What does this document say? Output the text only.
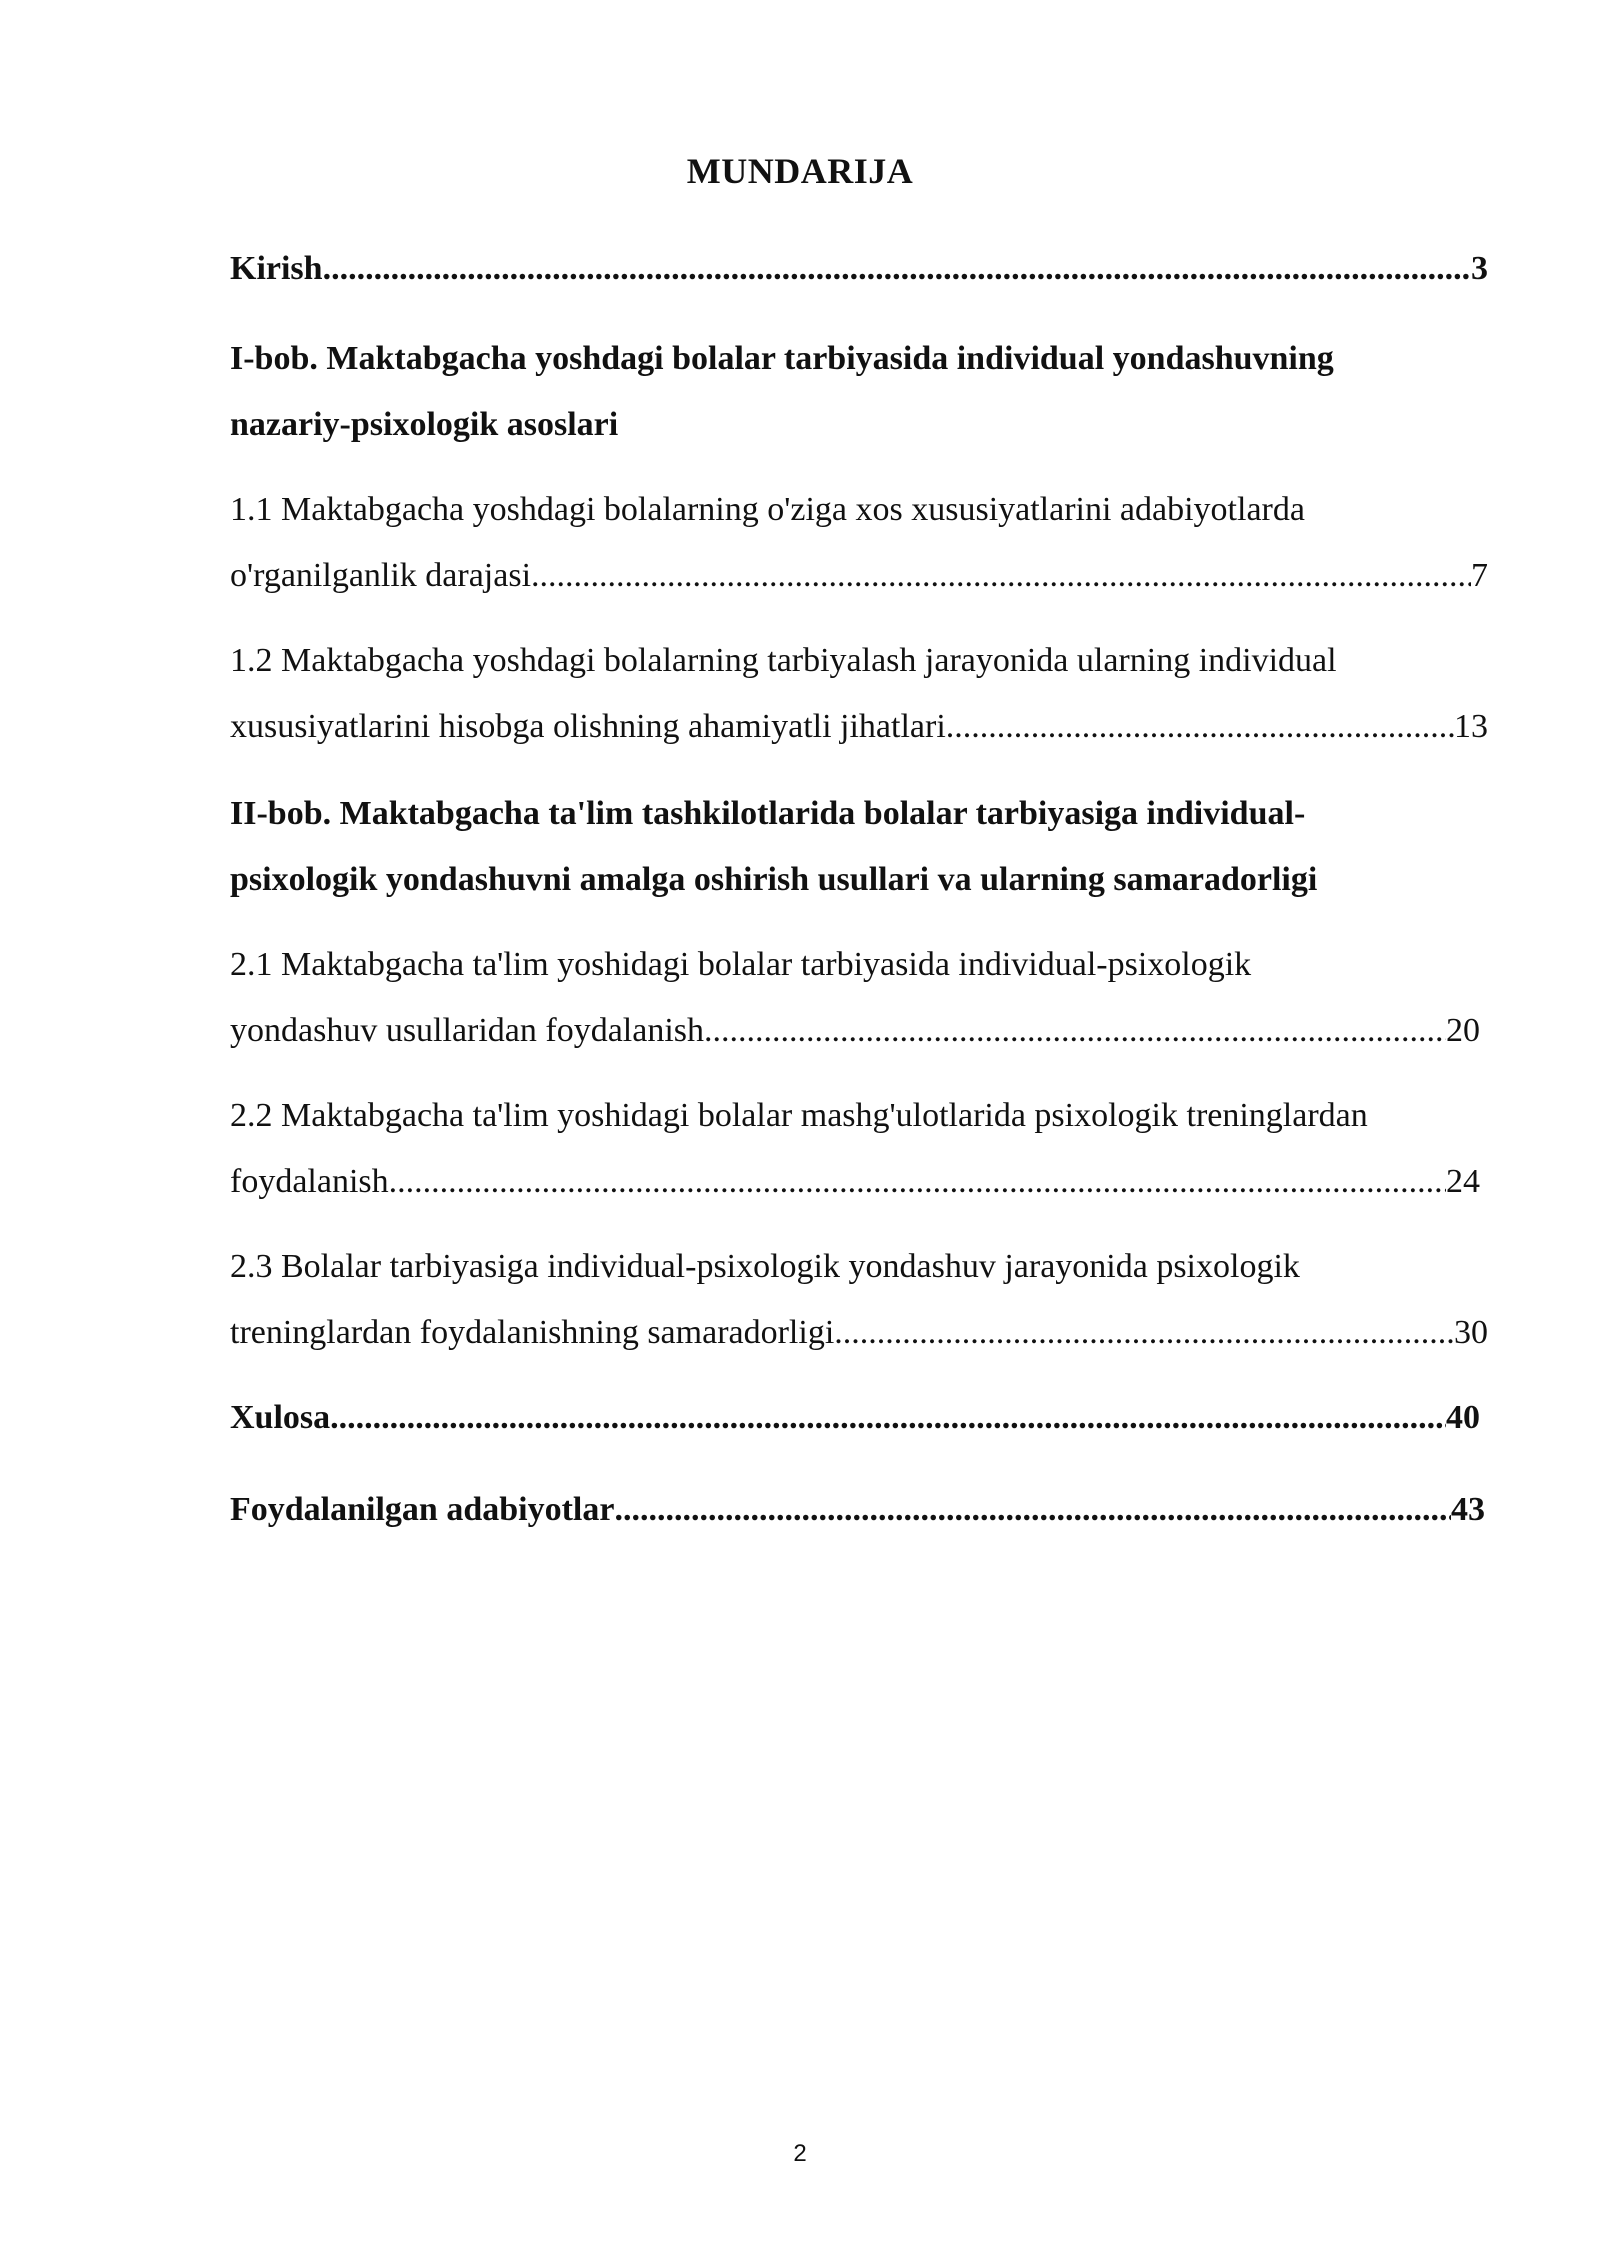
MUNDARIJA
Kirish .....	3
I-bob. Maktabgacha yoshdagi bolalar tarbiyasida individual yondashuvning
nazariy-psixologik asoslari
1.1 Maktabgacha yoshdagi bolalarning o'ziga xos xususiyatlarini adabiyotlarda
o'rganilganlik darajasi .....	7
1.2 Maktabgacha yoshdagi bolalarning tarbiyalash jarayonida ularning individual
xususiyatlarini hisobga olishning ahamiyatli jihatlari .....	13
II-bob. Maktabgacha ta'lim tashkilotlarida bolalar tarbiyasiga individual-
psixologik yondashuvni amalga oshirish usullari va ularning samaradorligi
2.1 Maktabgacha ta'lim yoshidagi bolalar tarbiyasida individual-psixologik
yondashuv usullaridan foydalanish .....	20
2.2 Maktabgacha ta'lim yoshidagi bolalar mashg'ulotlarida psixologik treninglardan
foydalanish .....	24
2.3 Bolalar tarbiyasiga individual-psixologik yondashuv jarayonida psixologik
treninglardan foydalanishning samaradorligi .....	30
Xulosa .....	40
Foydalanilgan adabiyotlar .....	43
2
